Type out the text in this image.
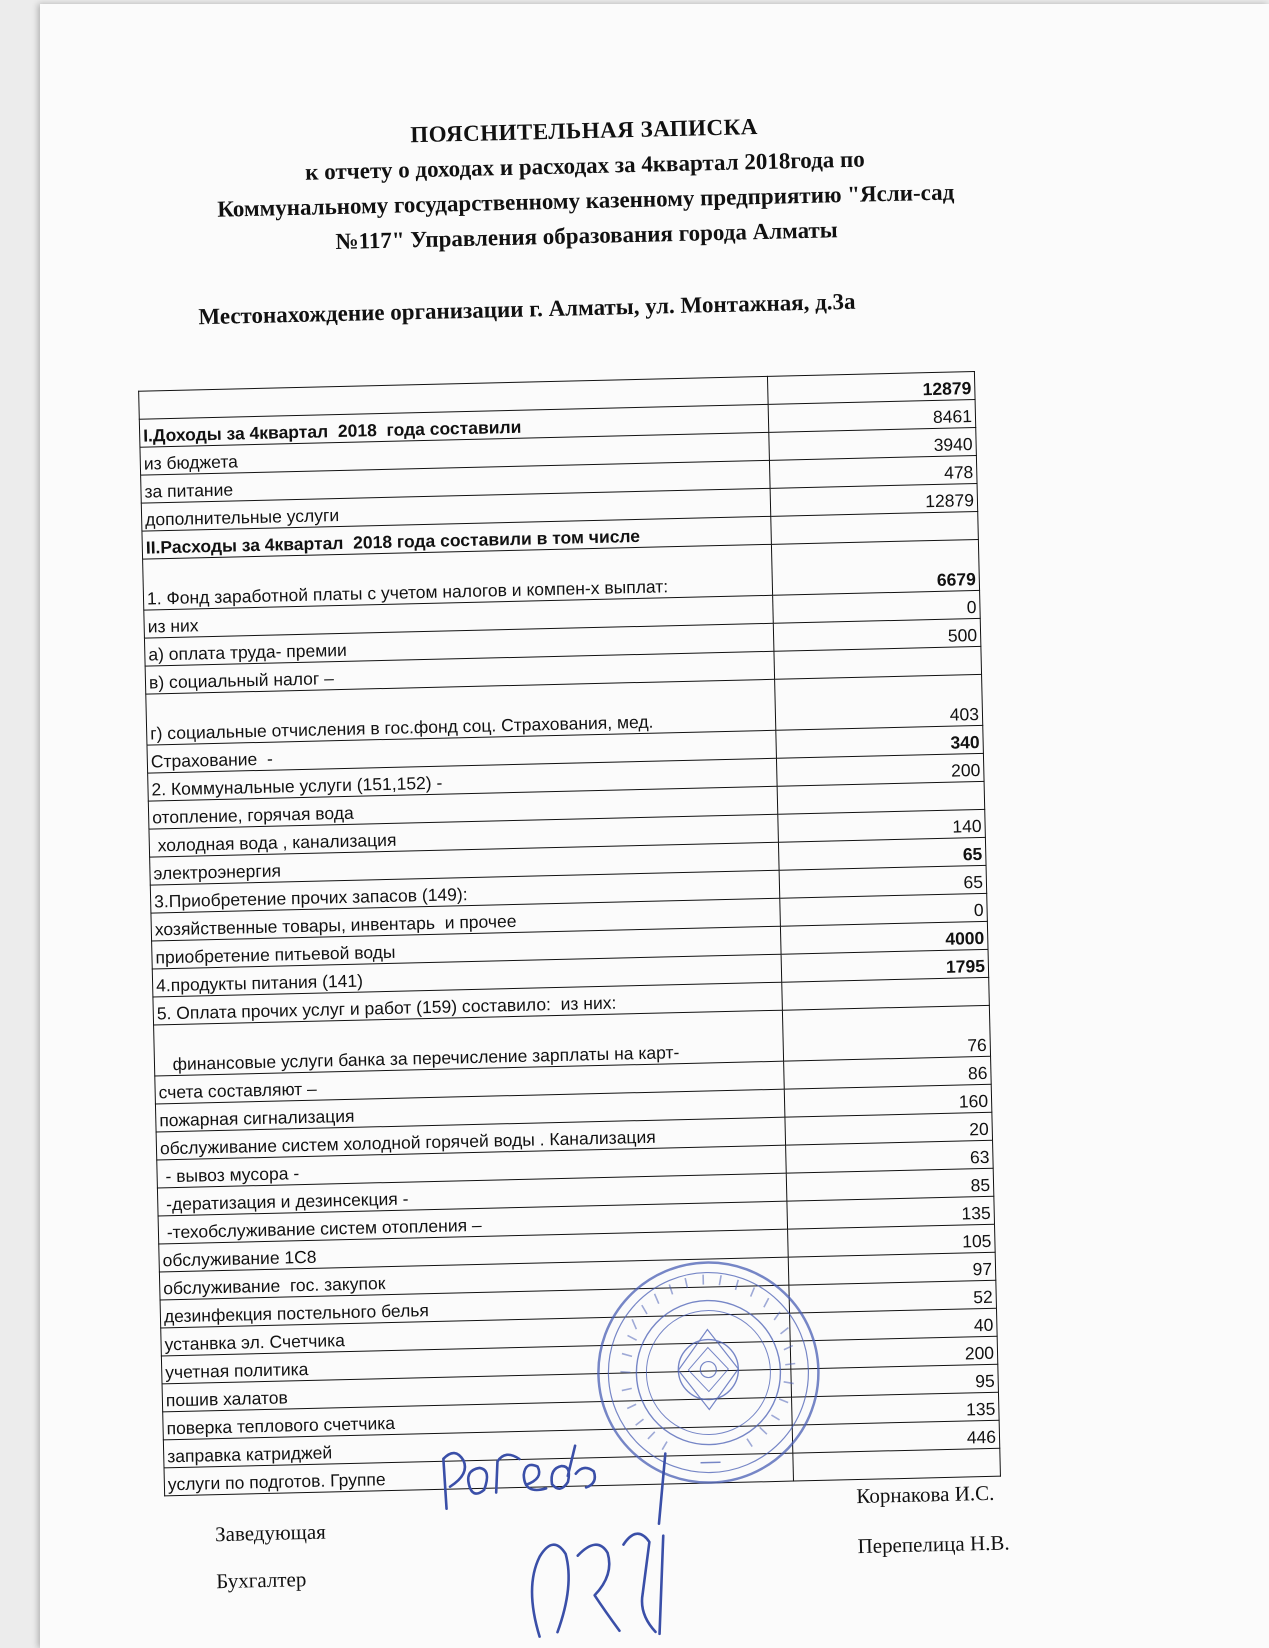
ПОЯСНИТЕЛЬНАЯ ЗАПИСКА
к отчету о доходах и расходах за 4квартал 2018года по
Коммунальному государственному казенному предприятию "Ясли-сад
№117" Управления образования города Алматы
Местонахождение организации г. Алматы, ул. Монтажная, д.3а
	12879
I.Доходы за 4квартал  2018  года составили	8461
из бюджета	3940
за питание	478
дополнительные услуги	12879
II.Расходы за 4квартал  2018 года составили в том числе	
1. Фонд заработной платы с учетом налогов и компен-х выплат:	6679
из них	0
а) оплата труда- премии	500
в) социальный налог –	
г) социальные отчисления в гос.фонд соц. Страхования, мед.	403
Страхование  -	340
2. Коммунальные услуги (151,152) -	200
отопление, горячая вода	
холодная вода , канализация	140
электроэнергия	65
3.Приобретение прочих запасов (149):	65
хозяйственные товары, инвентарь  и прочее	0
приобретение питьевой воды	4000
4.продукты питания (141)	1795
5. Оплата прочих услуг и работ (159) составило:  из них:	
финансовые услуги банка за перечисление зарплаты на карт-	76
счета составляют –	86
пожарная сигнализация	160
обслуживание систем холодной горячей воды . Канализация	20
- вывоз мусора -	63
-дератизация и дезинсекция -	85
-техобслуживание систем отопления –	135
обслуживание 1С8	105
обслуживание  гос. закупок	97
дезинфекция постельного белья	52
устанвка эл. Счетчика	40
учетная политика	200
пошив халатов	95
поверка теплового счетчика	135
заправка катриджей	446
услуги по подготов. Группе	
Заведующая
Бухгалтер
Корнакова И.С.
Перепелица Н.В.
